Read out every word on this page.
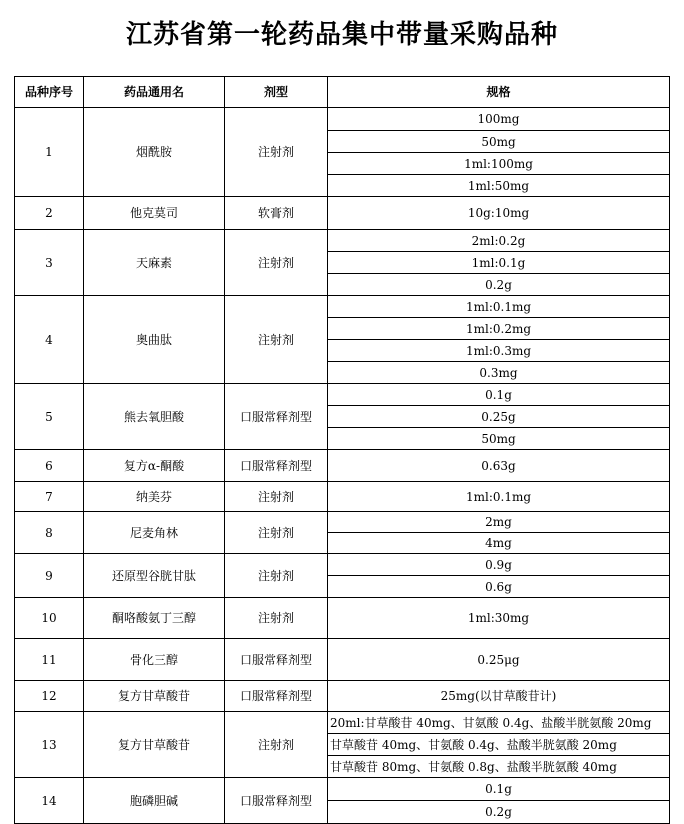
江苏省第一轮药品集中带量采购品种
品种序号	药品通用名	剂型	规格
1	烟酰胺	注射剂	100mg
			50mg
			1ml:100mg
			1ml:50mg
2	他克莫司	软膏剂	10g:10mg
3	天麻素	注射剂	2ml:0.2g
			1ml:0.1g
			0.2g
4	奥曲肽	注射剂	1ml:0.1mg
			1ml:0.2mg
			1ml:0.3mg
			0.3mg
5	熊去氧胆酸	口服常释剂型	0.1g
			0.25g
			50mg
6	复方α-酮酸	口服常释剂型	0.63g
7	纳美芬	注射剂	1ml:0.1mg
8	尼麦角林	注射剂	2mg
			4mg
9	还原型谷胱甘肽	注射剂	0.9g
			0.6g
10	酮咯酸氨丁三醇	注射剂	1ml:30mg
11	骨化三醇	口服常释剂型	0.25μg
12	复方甘草酸苷	口服常释剂型	25mg(以甘草酸苷计)
13	复方甘草酸苷	注射剂	20ml:甘草酸苷 40mg、甘氨酸 0.4g、盐酸半胱氨酸 20mg
			甘草酸苷 40mg、甘氨酸 0.4g、盐酸半胱氨酸 20mg
			甘草酸苷 80mg、甘氨酸 0.8g、盐酸半胱氨酸 40mg
14	胞磷胆碱	口服常释剂型	0.1g
			0.2g
